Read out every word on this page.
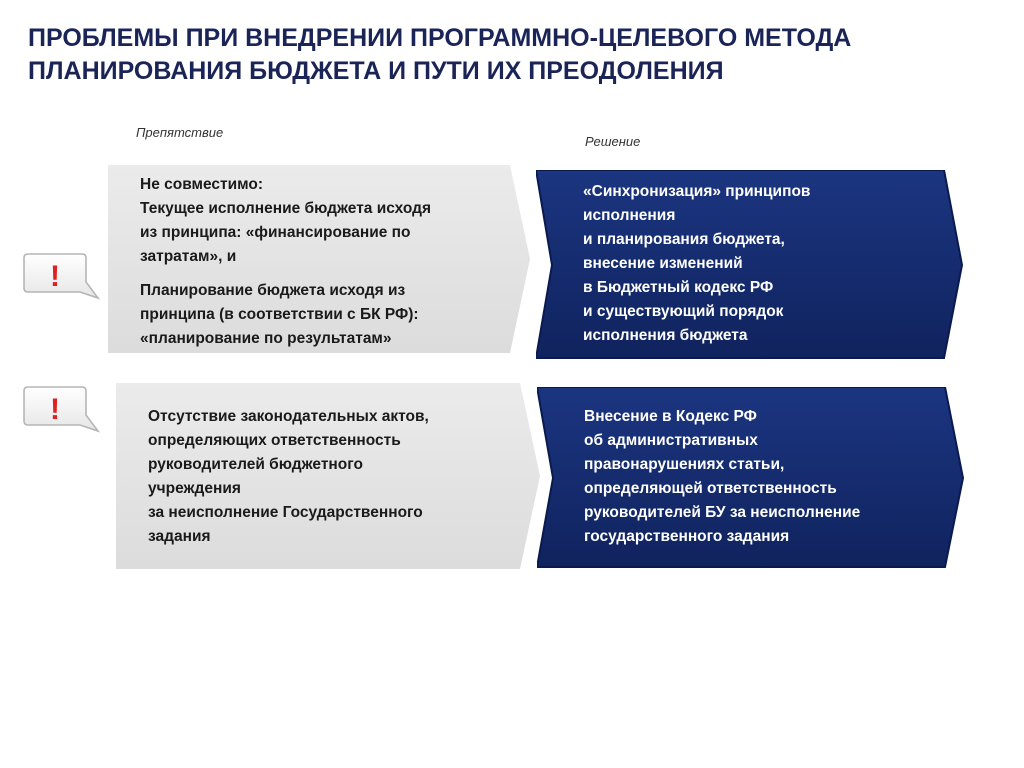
ПРОБЛЕМЫ ПРИ ВНЕДРЕНИИ ПРОГРАММНО-ЦЕЛЕВОГО МЕТОДА
ПЛАНИРОВАНИЯ БЮДЖЕТА И ПУТИ ИХ ПРЕОДОЛЕНИЯ
Препятствие
Решение
!
!

Не совместимо:

Текущее исполнение бюджета исходя

из принципа: «финансирование по

затратам», и

Планирование бюджета исходя из

принципа (в соответствии с БК РФ):

«планирование по результатам»

«Синхронизация» принципов

исполнения

и планирования бюджета,

внесение изменений

в Бюджетный кодекс РФ

и существующий порядок

исполнения бюджета

Отсутствие законодательных актов,

определяющих ответственность

руководителей бюджетного

учреждения

за неисполнение Государственного

задания

Внесение в Кодекс РФ

об административных

правонарушениях статьи,

определяющей ответственность

руководителей БУ за неисполнение

государственного задания
